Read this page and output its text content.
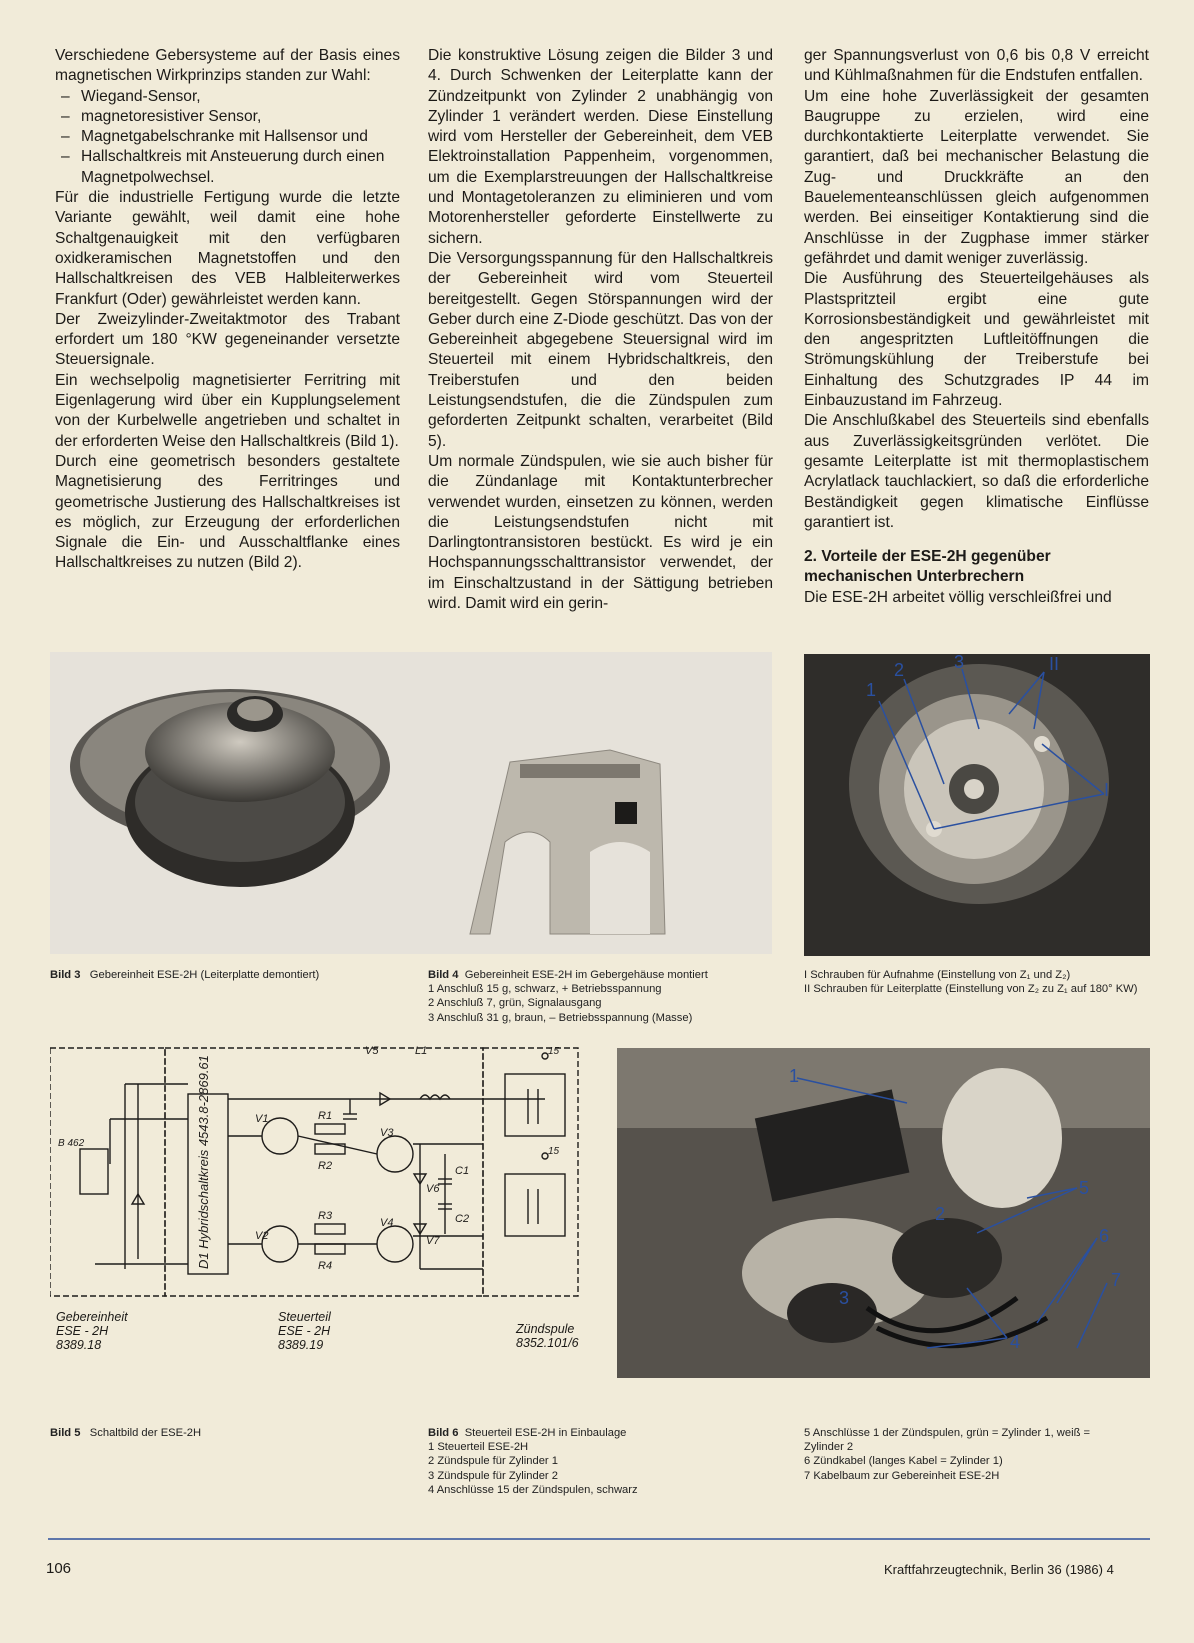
Verschiedene Gebersysteme auf der Basis eines magnetischen Wirkprinzips standen zur Wahl:

– Wiegand-Sensor,
– magnetoresistiver Sensor,
– Magnetgabelschranke mit Hallsensor und
– Hallschaltkreis mit Ansteuerung durch einen Magnetpolwechsel.

Für die industrielle Fertigung wurde die letzte Variante gewählt, weil damit eine hohe Schaltgenauigkeit mit den verfügbaren oxidkeramischen Magnetstoffen und den Hallschaltkreisen des VEB Halbleiterwerkes Frankfurt (Oder) gewährleistet werden kann.

Der Zweizylinder-Zweitaktmotor des Trabant erfordert um 180 °KW gegeneinander versetzte Steuersignale.

Ein wechselpolig magnetisierter Ferritring mit Eigenlagerung wird über ein Kupplungselement von der Kurbelwelle angetrieben und schaltet in der erforderten Weise den Hallschaltkreis (Bild 1).

Durch eine geometrisch besonders gestaltete Magnetisierung des Ferritringes und geometrische Justierung des Hallschaltkreises ist es möglich, zur Erzeugung der erforderlichen Signale die Ein- und Ausschaltflanke eines Hallschaltkreises zu nutzen (Bild 2).

Die konstruktive Lösung zeigen die Bilder 3 und 4. Durch Schwenken der Leiterplatte kann der Zündzeitpunkt von Zylinder 2 unabhängig von Zylinder 1 verändert werden. Diese Einstellung wird vom Hersteller der Gebereinheit, dem VEB Elektroinstallation Pappenheim, vorgenommen, um die Exemplarstreuungen der Hallschaltkreise und Montagetoleranzen zu eliminieren und vom Motorenhersteller geforderte Einstellwerte zu sichern.

Die Versorgungsspannung für den Hallschaltkreis der Gebereinheit wird vom Steuerteil bereitgestellt. Gegen Störspannungen wird der Geber durch eine Z-Diode geschützt. Das von der Gebereinheit abgegebene Steuersignal wird im Steuerteil mit einem Hybridschaltkreis, den Treiberstufen und den beiden Leistungsendstufen, die die Zündspulen zum geforderten Zeitpunkt schalten, verarbeitet (Bild 5).

Um normale Zündspulen, wie sie auch bisher für die Zündanlage mit Kontaktunterbrecher verwendet wurden, einsetzen zu können, werden die Leistungsendstufen nicht mit Darlingtontransistoren bestückt. Es wird je ein Hochspannungsschalttransistor verwendet, der im Einschaltzustand in der Sättigung betrieben wird. Damit wird ein gerin-

ger Spannungsverlust von 0,6 bis 0,8 V erreicht und Kühlmaßnahmen für die Endstufen entfallen.

Um eine hohe Zuverlässigkeit der gesamten Baugruppe zu erzielen, wird eine durchkontaktierte Leiterplatte verwendet. Sie garantiert, daß bei mechanischer Belastung die Zug- und Druckkräfte an den Bauelementeanschlüssen gleich aufgenommen werden. Bei einseitiger Kontaktierung sind die Anschlüsse in der Zugphase immer stärker gefährdet und damit weniger zuverlässig.

Die Ausführung des Steuerteilgehäuses als Plastspritzteil ergibt eine gute Korrosionsbeständigkeit und gewährleistet mit den angespritzten Luftleitöffnungen die Strömungskühlung der Treiberstufe bei Einhaltung des Schutzgrades IP 44 im Einbauzustand im Fahrzeug.

Die Anschlußkabel des Steuerteils sind ebenfalls aus Zuverlässigkeitsgründen verlötet. Die gesamte Leiterplatte ist mit thermoplastischem Acrylatlack tauchlackiert, so daß die erforderliche Beständigkeit gegen klimatische Einflüsse garantiert ist.

2. Vorteile der ESE-2H gegenüber
mechanischen Unterbrechern

Die ESE-2H arbeitet völlig verschleißfrei und

1
2	3	II
I
Bild 3 Gebereinheit ESE-2H (Leiterplatte demontiert)	Bild 4 Gebereinheit ESE-2H im Gebergehäuse montiert
1 Anschluß 15 g, schwarz, + Betriebsspannung
2 Anschluß 7, grün, Signalausgang
3 Anschluß 31 g, braun, – Betriebsspannung (Masse)
I Schrauben für Aufnahme (Einstellung von Z₁ und Z₂)
II Schrauben für Leiterplatte (Einstellung von Z₂ zu Z₁ auf 180° KW)
D1 Hybridschaltkreis 4543.8-2869.61
V5	L1
V1
V2
V3
V4
R1
R2
R3
R4
V6
V7
C1
C2
15
15
B 462
Gebereinheit
ESE - 2H
8389.18
Steuerteil
ESE - 2H
8389.19
Zündspule
8352.101/6
1
2
3
4
5
6
7
Bild 5 Schaltbild der ESE-2H	Bild 6 Steuerteil ESE-2H in Einbaulage
1 Steuerteil ESE-2H
2 Zündspule für Zylinder 1
3 Zündspule für Zylinder 2
4 Anschlüsse 15 der Zündspulen, schwarz
5 Anschlüsse 1 der Zündspulen, grün = Zylinder 1, weiß = Zylinder 2
6 Zündkabel (langes Kabel = Zylinder 1)
7 Kabelbaum zur Gebereinheit ESE-2H
106	Kraftfahrzeugtechnik, Berlin 36 (1986) 4
